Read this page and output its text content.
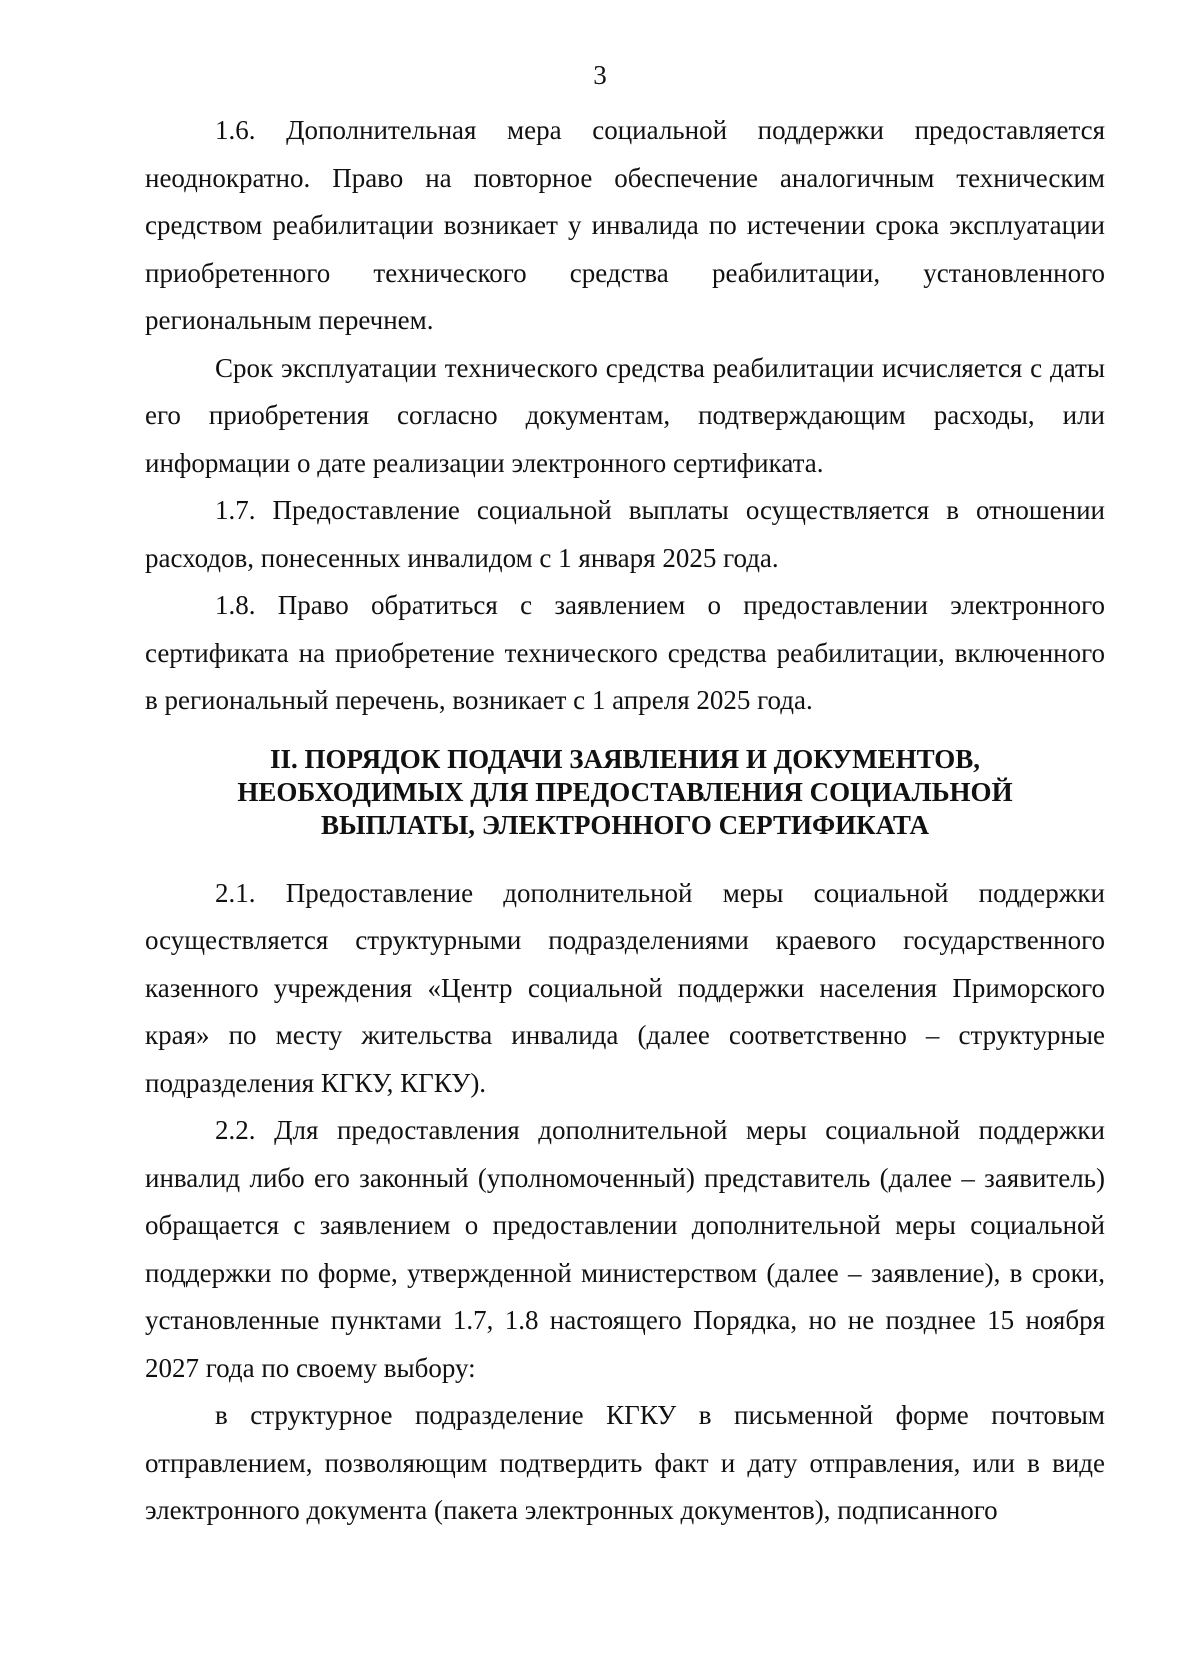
3

1.6. Дополнительная мера социальной поддержки предоставляется неоднократно. Право на повторное обеспечение аналогичным техническим средством реабилитации возникает у инвалида по истечении срока эксплуатации приобретенного технического средства реабилитации, установленного региональным перечнем.

Срок эксплуатации технического средства реабилитации исчисляется с даты его приобретения согласно документам, подтверждающим расходы, или информации о дате реализации электронного сертификата.

1.7. Предоставление социальной выплаты осуществляется в отношении расходов, понесенных инвалидом с 1 января 2025 года.

1.8. Право обратиться с заявлением о предоставлении электронного сертификата на приобретение технического средства реабилитации, включенного в региональный перечень, возникает с 1 апреля 2025 года.

II. ПОРЯДОК ПОДАЧИ ЗАЯВЛЕНИЯ И ДОКУМЕНТОВ,
НЕОБХОДИМЫХ ДЛЯ ПРЕДОСТАВЛЕНИЯ СОЦИАЛЬНОЙ
ВЫПЛАТЫ, ЭЛЕКТРОННОГО СЕРТИФИКАТА

2.1. Предоставление дополнительной меры социальной поддержки осуществляется структурными подразделениями краевого государственного казенного учреждения «Центр социальной поддержки населения Приморского края» по месту жительства инвалида (далее соответственно – структурные подразделения КГКУ, КГКУ).

2.2. Для предоставления дополнительной меры социальной поддержки инвалид либо его законный (уполномоченный) представитель (далее – заявитель) обращается с заявлением о предоставлении дополнительной меры социальной поддержки по форме, утвержденной министерством (далее – заявление), в сроки, установленные пунктами 1.7, 1.8 настоящего Порядка, но не позднее 15 ноября 2027 года по своему выбору:

в структурное подразделение КГКУ в письменной форме почтовым отправлением, позволяющим подтвердить факт и дату отправления, или в виде электронного документа (пакета электронных документов), подписанного
